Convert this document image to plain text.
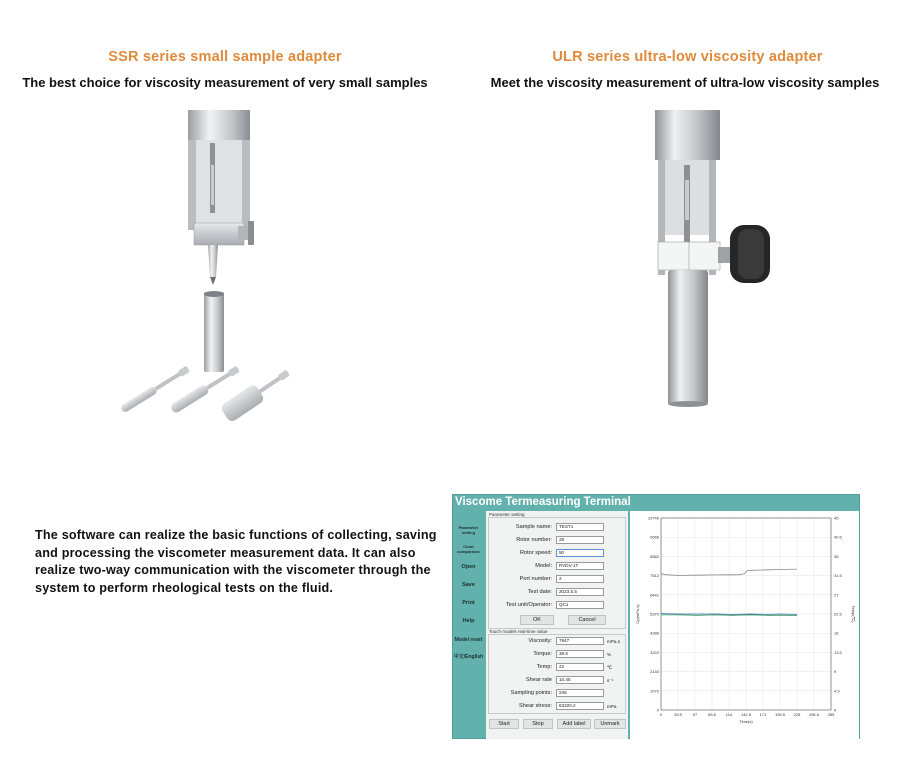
SSR series small sample adapter
The best choice for viscosity measurement of very small samples
ULR series ultra-low viscosity adapter
Meet the viscosity measurement of ultra-low viscosity samples
The software can realize the basic functions of collecting, saving and processing the viscometer measurement data. It can also realize two-way communication with the viscometer through the system to perform rheological tests on the fluid.
Viscome Termeasuring Terminal
Parameter setting
Chart comparison
Open
Save
Print
Help
Model reset
中文/English
Parameter setting
Sample name:	TEST1
Rotor number:	28
Rotor speed:	50
Model:	RVDV-1T
Port number:	2
Test date:	2023.5.5
Test unit/Operator:	QC1
OK	Cancel
Touch models real-time value
Viscosity:	7947	mPa.s
Torque:	39.6	%
Temp:	22	℃
Shear rate	10.45	s⁻¹
Sampling points:	236
Shear stress:	83320.2	mPa
Start	Stop	Add label	Unmark
0	28.5	57	85.5 114 142.5 171 199.5 228 256.5 285
0	0
1070	4.5
2140	9
3222	13.5
4286	18
5370	22.5
6441	27
7512	31.5
8582	36
9666	40.5
10740	45
Time(s)
Cp(mPa.s)	Temp(℃)
